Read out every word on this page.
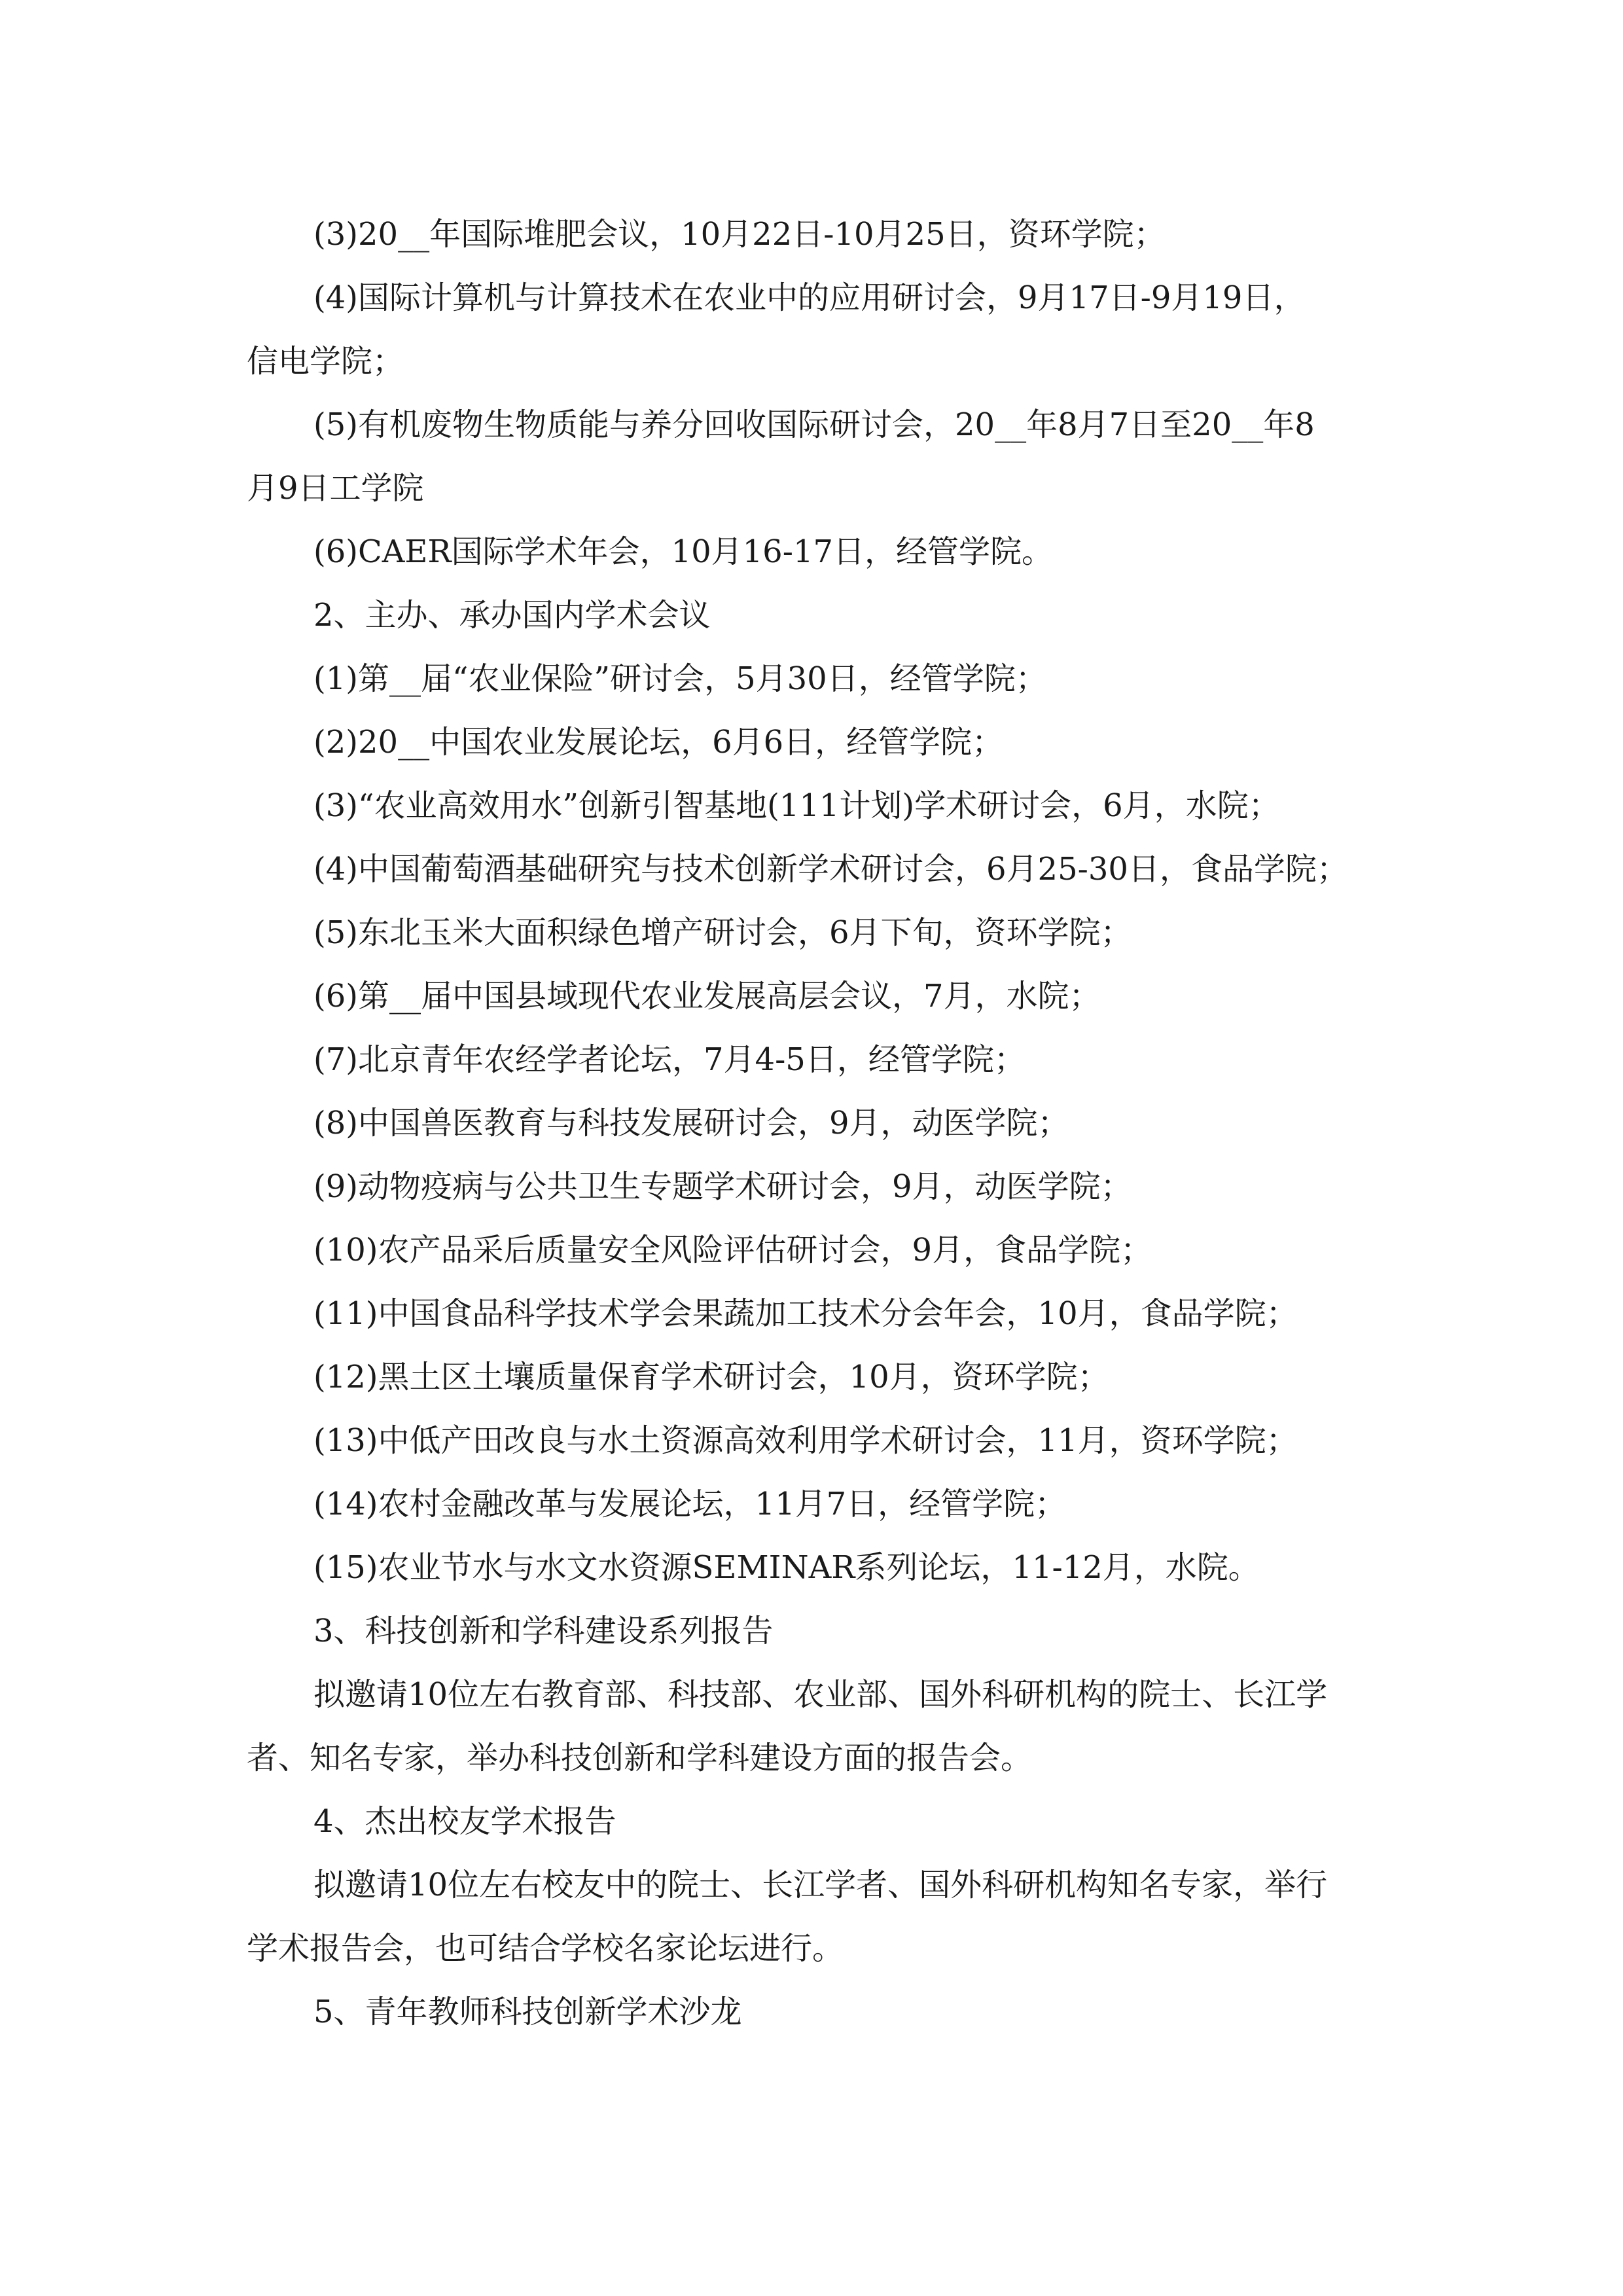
(3)20__年国际堆肥会议，10月22日-10月25日，资环学院；

(4)国际计算机与计算技术在农业中的应用研讨会，9月17日-9月19日，

信电学院；

(5)有机废物生物质能与养分回收国际研讨会，20__年8月7日至20__年8

月9日工学院

(6)CAER国际学术年会，10月16-17日，经管学院。

2、主办、承办国内学术会议

(1)第__届“农业保险”研讨会，5月30日，经管学院；

(2)20__中国农业发展论坛，6月6日，经管学院；

(3)“农业高效用水”创新引智基地(111计划)学术研讨会，6月，水院；

(4)中国葡萄酒基础研究与技术创新学术研讨会，6月25-30日，食品学院；

(5)东北玉米大面积绿色增产研讨会，6月下旬，资环学院；

(6)第__届中国县域现代农业发展高层会议，7月，水院；

(7)北京青年农经学者论坛，7月4-5日，经管学院；

(8)中国兽医教育与科技发展研讨会，9月，动医学院；

(9)动物疫病与公共卫生专题学术研讨会，9月，动医学院；

(10)农产品采后质量安全风险评估研讨会，9月，食品学院；

(11)中国食品科学技术学会果蔬加工技术分会年会，10月，食品学院；

(12)黑土区土壤质量保育学术研讨会，10月，资环学院；

(13)中低产田改良与水土资源高效利用学术研讨会，11月，资环学院；

(14)农村金融改革与发展论坛，11月7日，经管学院；

(15)农业节水与水文水资源SEMINAR系列论坛，11-12月，水院。

3、科技创新和学科建设系列报告

拟邀请10位左右教育部、科技部、农业部、国外科研机构的院士、长江学

者、知名专家，举办科技创新和学科建设方面的报告会。

4、杰出校友学术报告

拟邀请10位左右校友中的院士、长江学者、国外科研机构知名专家，举行

学术报告会，也可结合学校名家论坛进行。

5、青年教师科技创新学术沙龙
